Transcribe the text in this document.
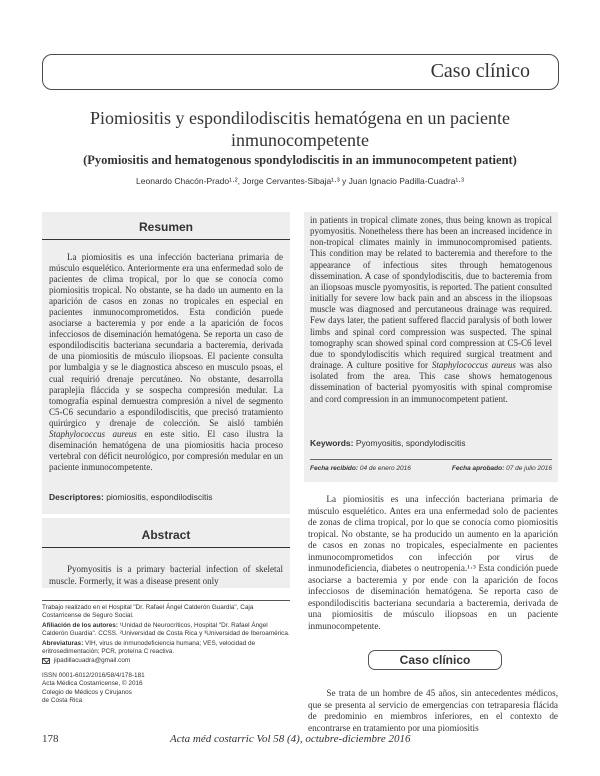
Caso clínico
Piomiositis y espondilodiscitis hematógena en un paciente
inmunocompetente
(Pyomiositis and hematogenous spondylodiscitis in an immunocompetent patient)
Leonardo Chacón-Prado¹·², Jorge Cervantes-Sibaja¹·³ y Juan Ignacio Padilla-Cuadra¹·³
Resumen
La piomiositis es una infección bacteriana primaria de músculo esquelético. Anteriormente era una enfermedad solo de pacientes de clima tropical, por lo que se conocía como piomiositis tropical. No obstante, se ha dado un aumento en la aparición de casos en zonas no tropicales en especial en pacientes inmunocomprometidos. Esta condición puede asociarse a bacteremia y por ende a la aparición de focos infecciosos de diseminación hematógena. Se reporta un caso de espondilodiscitis bacteriana secundaria a bacteremia, derivada de una piomiositis de músculo iliopsoas. El paciente consulta por lumbalgia y se le diagnostica absceso en musculo psoas, el cual requirió drenaje percutáneo. No obstante, desarrolla paraplejía fláccida y se sospecha compresión medular. La tomografía espinal demuestra compresión a nivel de segmento C5-C6 secundario a espondilodiscitis, que precisó tratamiento quirúrgico y drenaje de colección. Se aisló también Staphylococcus aureus en este sitio. El caso ilustra la diseminación hematógena de una piomiositis hacia proceso vertebral con déficit neurológico, por compresión medular en un paciente inmunocompetente.
Descriptores: piomiositis, espondilodiscitis
Abstract
Pyomyositis is a primary bacterial infection of skeletal muscle. Formerly, it was a disease present only
Trabajo realizado en el Hospital "Dr. Rafael Ángel Calderón Guardia", Caja Costarricense de Seguro Social.
Afiliación de los autores: ¹Unidad de Neurocríticos, Hospital "Dr. Rafael Ángel Calderón Guardia". CCSS. ²Universidad de Costa Rica y ³Universidad de Iberoamérica.
Abreviaturas: VIH, virus de inmunodeficiencia humana; VES, velocidad de eritrosedimentación; PCR, proteína C reactiva.
jipadillacuadra@gmail.com
ISSN 0001-6012/2016/58/4/178-181
Acta Médica Costarricense, © 2016
Colegio de Médicos y Cirujanos
de Costa Rica
in patients in tropical climate zones, thus being known as tropical pyomyositis. Nonetheless there has been an increased incidence in non-tropical climates mainly in immunocompromised patients. This condition may be related to bacteremia and therefore to the appearance of infectious sites through hematogenous dissemination. A case of spondylodiscitis, due to bacteremia from an iliopsoas muscle pyomyositis, is reported. The patient consulted initially for severe low back pain and an abscess in the iliopsoas muscle was diagnosed and percutaneous drainage was required. Few days later, the patient suffered flaccid paralysis of both lower limbs and spinal cord compression was suspected. The spinal tomography scan showed spinal cord compression at C5-C6 level due to spondylodiscitis which required surgical treatment and drainage. A culture positive for Staphylococcus aureus was also isolated from the area. This case shows hematogenous dissemination of bacterial pyomyositis with spinal compromise and cord compression in an immunocompetent patient.
Keywords: Pyomyositis, spondylodiscitis
Fecha recibido: 04 de enero 2016	Fecha aprobado: 07 de julio 2016
La piomiositis es una infección bacteriana primaria de músculo esquelético. Antes era una enfermedad solo de pacientes de zonas de clima tropical, por lo que se conocía como piomiositis tropical. No obstante, se ha producido un aumento en la aparición de casos en zonas no tropicales, especialmente en pacientes inmunocomprometidos con infección por virus de inmunodeficiencia, diabetes o neutropenia.¹·³ Esta condición puede asociarse a bacteremia y por ende con la aparición de focos infecciosos de diseminación hematógena. Se reporta caso de espondilodiscitis bacteriana secundaria a bacteremia, derivada de una piomiositis de músculo iliopsoas en un paciente inmunocompetente.
Caso clínico
Se trata de un hombre de 45 años, sin antecedentes médicos, que se presenta al servicio de emergencias con tetraparesia flácida de predominio en miembros inferiores, en el contexto de encontrarse en tratamiento por una piomiositis
178	Acta méd costarric Vol 58 (4), octubre-diciembre 2016
